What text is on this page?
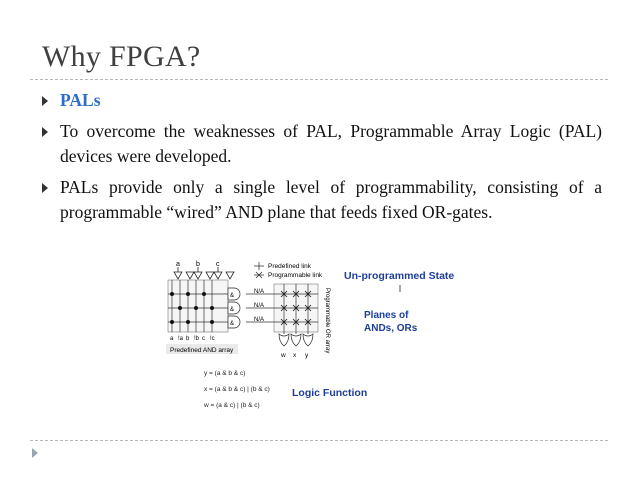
Why FPGA?
PALs
To overcome the weaknesses of PAL, Programmable Array Logic (PAL) devices were developed.
PALs provide only a single level of programmability, consisting of a programmable “wired” AND plane that feeds fixed OR-gates.
a b c
&
&
&
a !a b !b c !c
Predefined AND array
N/A
N/A
N/A
Predefined link
Programmable link
w x y
Programmable OR array
Un-programmed State
Planes of
ANDs, ORs
y = (a & b & c)
x = (a & b & c) | (b & c)
w = (a & c) | (b & c)
Logic Function
